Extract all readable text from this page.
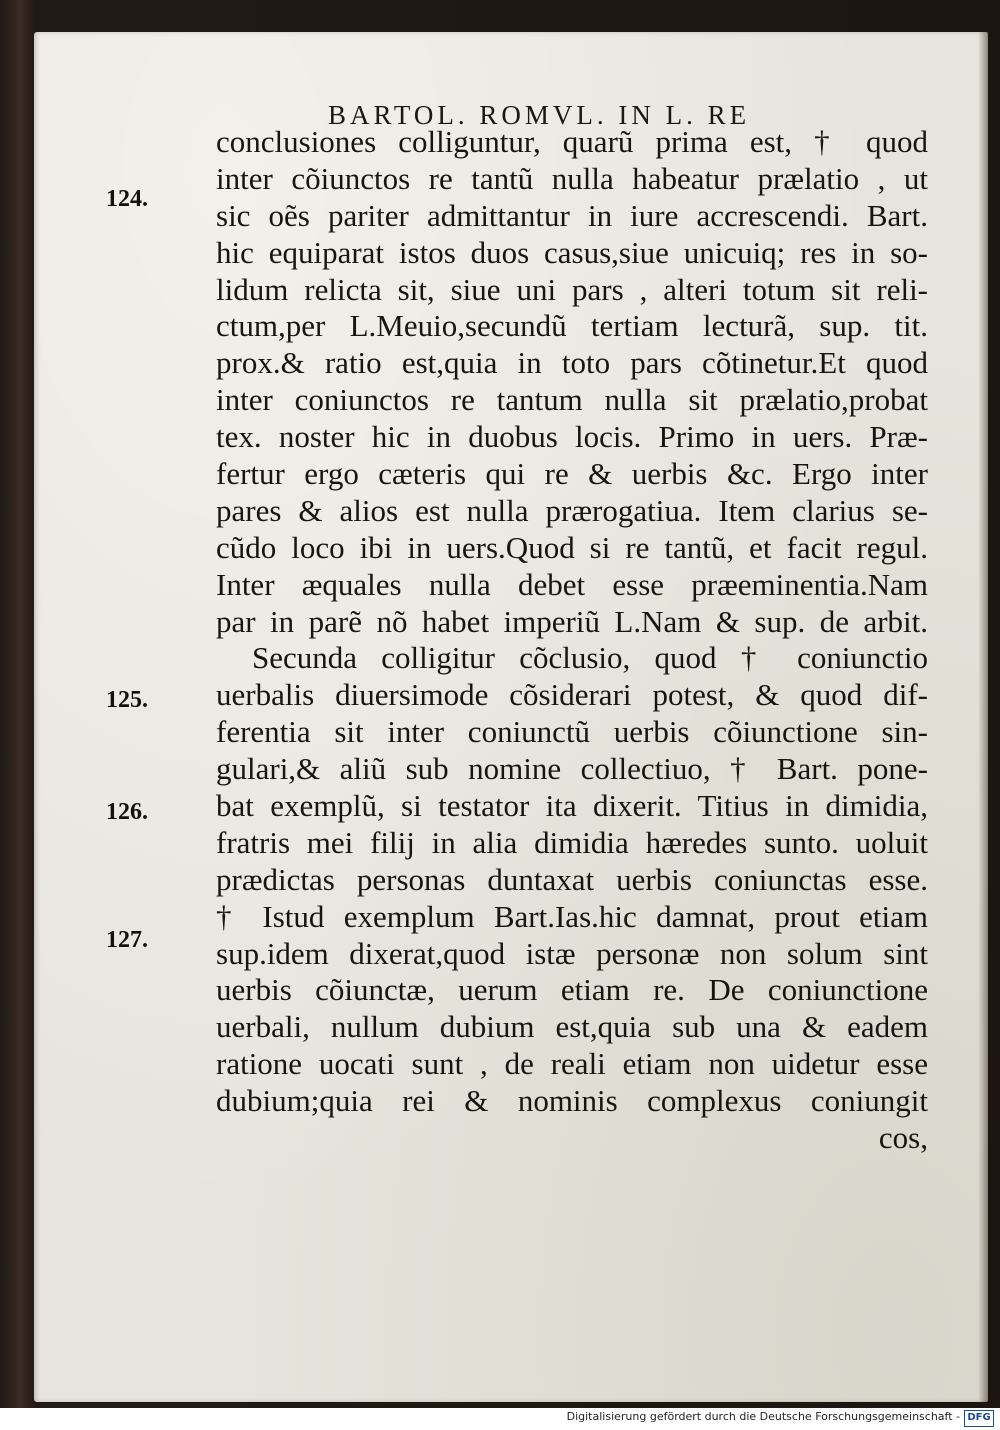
BARTOL. ROMVL. IN L. RE

124.

125.

126.

127.

conclusiones colliguntur, quarũ prima est, † quod
inter cõiunctos re tantũ nulla habeatur prælatio , ut
sic oẽs pariter admittantur in iure accrescendi. Bart.
hic equiparat istos duos casus,siue unicuiq; res in so-
lidum relicta sit, siue uni pars , alteri totum sit reli-
ctum,per L.Meuio,secundũ tertiam lecturã, sup. tit.
prox.& ratio est,quia in toto pars cõtinetur.Et quod
inter coniunctos re tantum nulla sit prælatio,probat
tex. noster hic in duobus locis. Primo in uers. Præ-
fertur ergo cæteris qui re & uerbis &c. Ergo inter
pares & alios est nulla prærogatiua. Item clarius se-
cũdo loco ibi in uers.Quod si re tantũ, et facit regul.
Inter æquales nulla debet esse præeminentia.Nam
par in parẽ nõ habet imperiũ L.Nam & sup. de arbit.
Secunda colligitur cõclusio, quod † coniunctio
uerbalis diuersimode cõsiderari potest, & quod dif-
ferentia sit inter coniunctũ uerbis cõiunctione sin-
gulari,& aliũ sub nomine collectiuo, † Bart. pone-
bat exemplũ, si testator ita dixerit. Titius in dimidia,
fratris mei filij in alia dimidia hæredes sunto. uoluit
prædictas personas duntaxat uerbis coniunctas esse.
† Istud exemplum Bart.Ias.hic damnat, prout etiam
sup.idem dixerat,quod istæ personæ non solum sint
uerbis cõiunctæ, uerum etiam re. De coniunctione
uerbali, nullum dubium est,quia sub una & eadem
ratione uocati sunt , de reali etiam non uidetur esse
dubium;quia rei & nominis complexus coniungit
cos,
Digitalisierung gefördert durch die Deutsche Forschungsgemeinschaft - DFG
